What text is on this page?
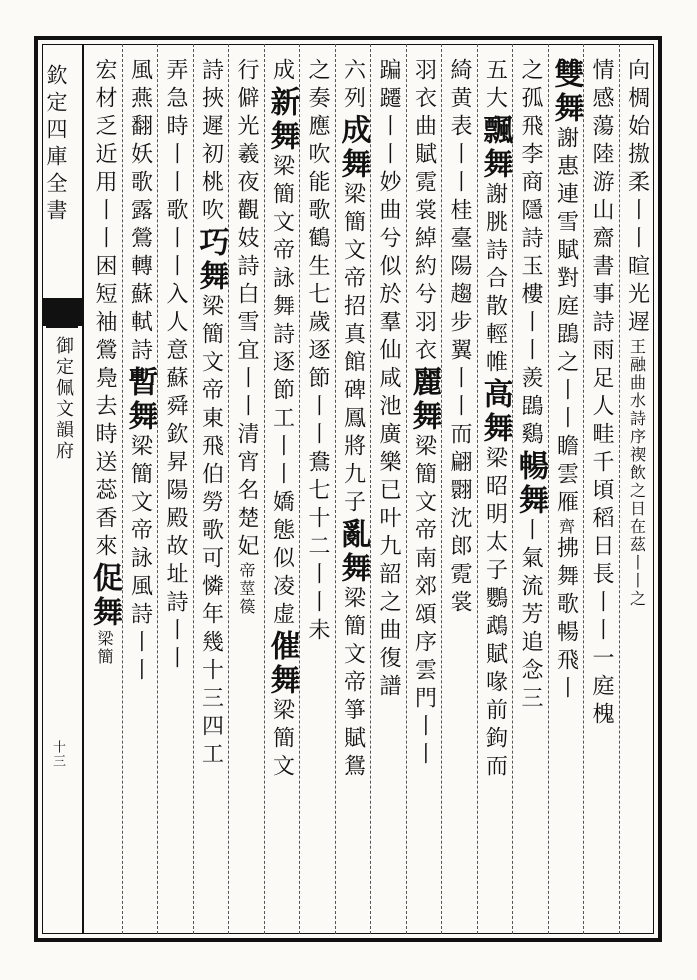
欽定四庫全書
御定佩文韻府
十三
向椆始𢳆柔丨丨暄光遟王融曲水詩序禊飲之日在茲丨丨之
情感蕩陸游山齋書事詩雨足人畦千頃稻日長丨丨一庭槐
雙舞謝惠連雪賦對庭鵾之丨丨瞻雲雁齊拂舞歌暢飛丨
之孤飛李商隱詩玉樓丨丨羨鵾鷄暢舞丨氣流芳追念三
五大飄舞謝朓詩合散輕帷高舞梁昭明太子鸚鵡賦喙前鉤而
綺黄表丨丨桂臺陽趨步翼丨丨而翩翾沈郎霓裳
羽衣曲賦霓裳綽約兮羽衣麗舞梁簡文帝南郊頌序雲門丨丨
蹁躚丨丨妙曲兮似於羣仙咸池廣樂已叶九韶之曲復譜
六列成舞梁簡文帝招真館碑鳳將九子亂舞梁簡文帝箏賦鴛
之奏應吹能歌鶴生七歲逐節丨丨鴦七十二丨丨未
成新舞梁簡文帝詠舞詩逐節工丨丨嬌態似凌虚催舞梁簡文
行僻光羲夜觀妓詩白雪宜丨丨清宵名楚妃帝莖篌
詩挾遲初桃吹巧舞梁簡文帝東飛伯勞歌可憐年幾十三四工
弄急時丨丨歌丨丨入人意蘇舜欽昇陽殿故址詩丨丨
風燕翻妖歌露鶯轉蘇軾詩暫舞梁簡文帝詠風詩丨丨
宏材乏近用丨丨困短袖鶯鳧去時送蕊香來促舞梁簡
